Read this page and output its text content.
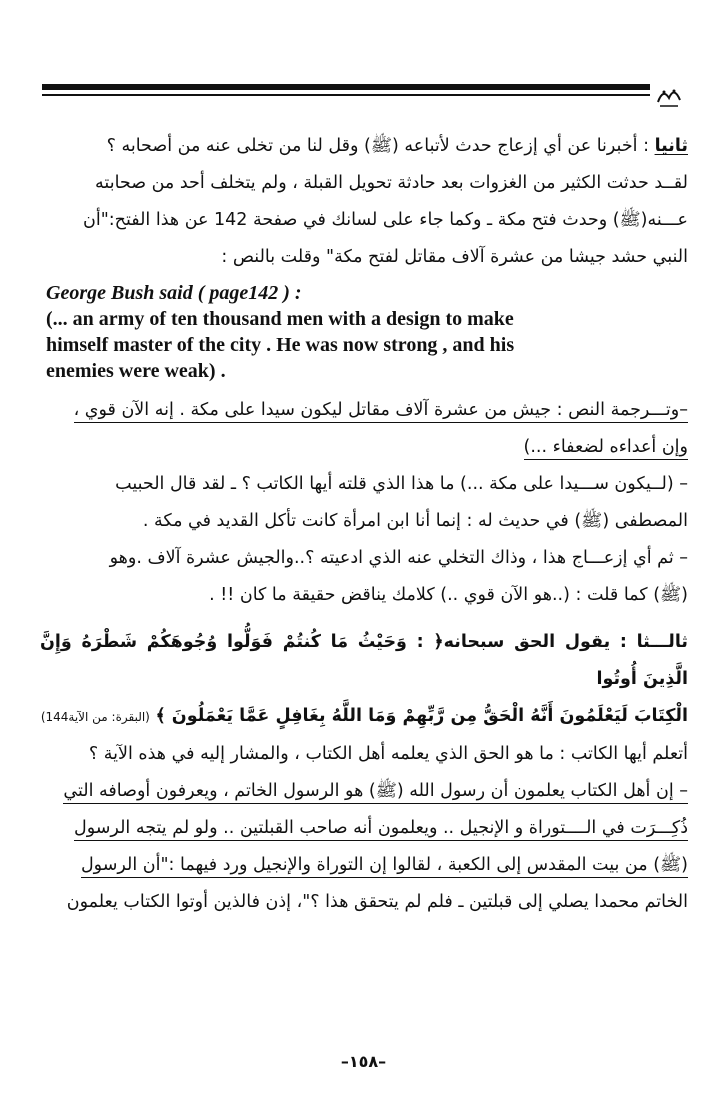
ثانيا : أخبرنا عن أي إزعاج حدث لأتباعه (ﷺ) وقل لنا من تخلى عنه من أصحابه ؟

لقــد حدثت الكثير من الغزوات بعد حادثة تحويل القبلة ، ولم يتخلف أحد من صحابته

عـــنه(ﷺ) وحدث فتح مكة ـ وكما جاء على لسانك في صفحة 142 عن هذا الفتح:"أن

النبي حشد جيشا من عشرة آلاف مقاتل لفتح مكة" وقلت بالنص :

George Bush said ( page142 ) :
(... an army of ten thousand men with a design to make
himself master of the city . He was now strong , and his
enemies were weak) .

–وتـــرجمة النص : جيش من عشرة آلاف مقاتل ليكون سيدا على مكة . إنه الآن قوي ،

وإن أعداءه لضعفاء ...)

– (لــيكون ســـيدا على مكة ...) ما هذا الذي قلته أيها الكاتب ؟ ـ لقد قال الحبيب

المصطفى (ﷺ) في حديث له : إنما أنا ابن امرأة كانت تأكل القديد في مكة .

– ثم أي إزعـــاج هذا ، وذاك التخلي عنه الذي ادعيته ؟..والجيش عشرة آلاف .وهو

(ﷺ) كما قلت : (..هو الآن قوي ..) كلامك يناقض حقيقة ما كان !! .

ثالـــثا : يقول الحق سبحانه﴿ : وَحَيْثُ مَا كُنتُمْ فَوَلُّوا وُجُوهَكُمْ شَطْرَهُ وَإِنَّ الَّذِينَ أُوتُوا

الْكِتَابَ لَيَعْلَمُونَ أَنَّهُ الْحَقُّ مِن رَّبِّهِمْ وَمَا اللَّهُ بِغَافِلٍ عَمَّا يَعْمَلُونَ ﴾ (البقرة: من الآية144)

أتعلم أيها الكاتب : ما هو الحق الذي يعلمه أهل الكتاب ، والمشار إليه في هذه الآية ؟

– إن أهل الكتاب يعلمون أن رسول الله (ﷺ) هو الرسول الخاتم ، ويعرفون أوصافه التي

ذُكِـــرَت في الــــتوراة و الإنجيل .. ويعلمون أنه صاحب القبلتين .. ولو لم يتجه الرسول

(ﷺ) من بيت المقدس إلى الكعبة ، لقالوا إن التوراة والإنجيل ورد فيهما :"أن الرسول

الخاتم محمدا يصلي إلى قبلتين ـ فلم لم يتحقق هذا ؟"، إذن فالذين أوتوا الكتاب يعلمون

–١٥٨–
